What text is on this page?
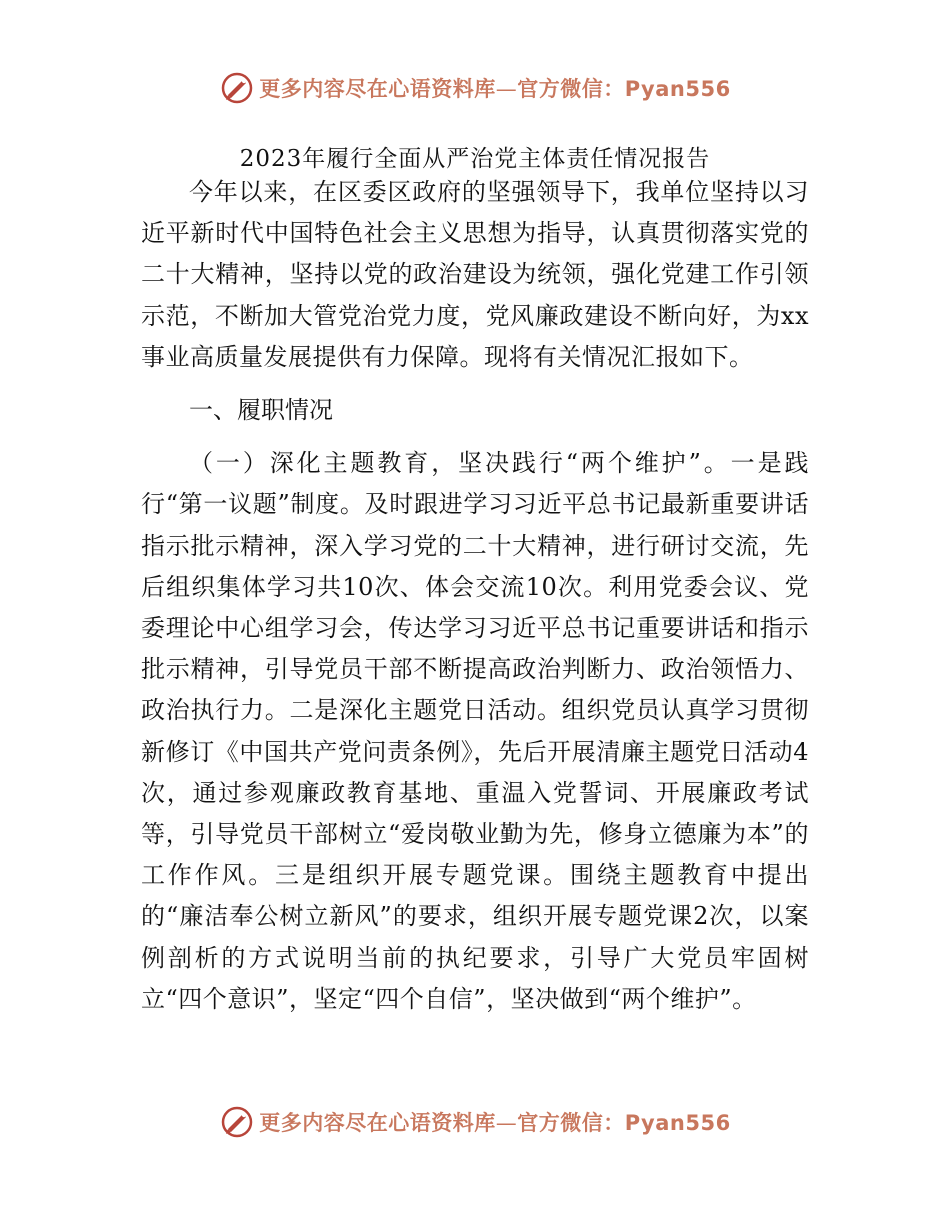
更多内容尽在心语资料库—官方微信：Pyan556
2023年履行全面从严治党主体责任情况报告

今年以来，在区委区政府的坚强领导下，我单位坚持以习近平新时代中国特色社会主义思想为指导，认真贯彻落实党的二十大精神，坚持以党的政治建设为统领，强化党建工作引领示范，不断加大管党治党力度，党风廉政建设不断向好，为xx事业高质量发展提供有力保障。现将有关情况汇报如下。

一、履职情况

（一）深化主题教育，坚决践行“两个维护”。一是践行“第一议题”制度。及时跟进学习习近平总书记最新重要讲话指示批示精神，深入学习党的二十大精神，进行研讨交流，先后组织集体学习共10次、体会交流10次。利用党委会议、党委理论中心组学习会，传达学习习近平总书记重要讲话和指示批示精神，引导党员干部不断提高政治判断力、政治领悟力、政治执行力。二是深化主题党日活动。组织党员认真学习贯彻新修订《中国共产党问责条例》，先后开展清廉主题党日活动4次，通过参观廉政教育基地、重温入党誓词、开展廉政考试等，引导党员干部树立“爱岗敬业勤为先，修身立德廉为本”的工作作风。三是组织开展专题党课。围绕主题教育中提出的“廉洁奉公树立新风”的要求，组织开展专题党课2次，以案例剖析的方式说明当前的执纪要求，引导广大党员牢固树立“四个意识”，坚定“四个自信”，坚决做到“两个维护”。

更多内容尽在心语资料库—官方微信：Pyan556
